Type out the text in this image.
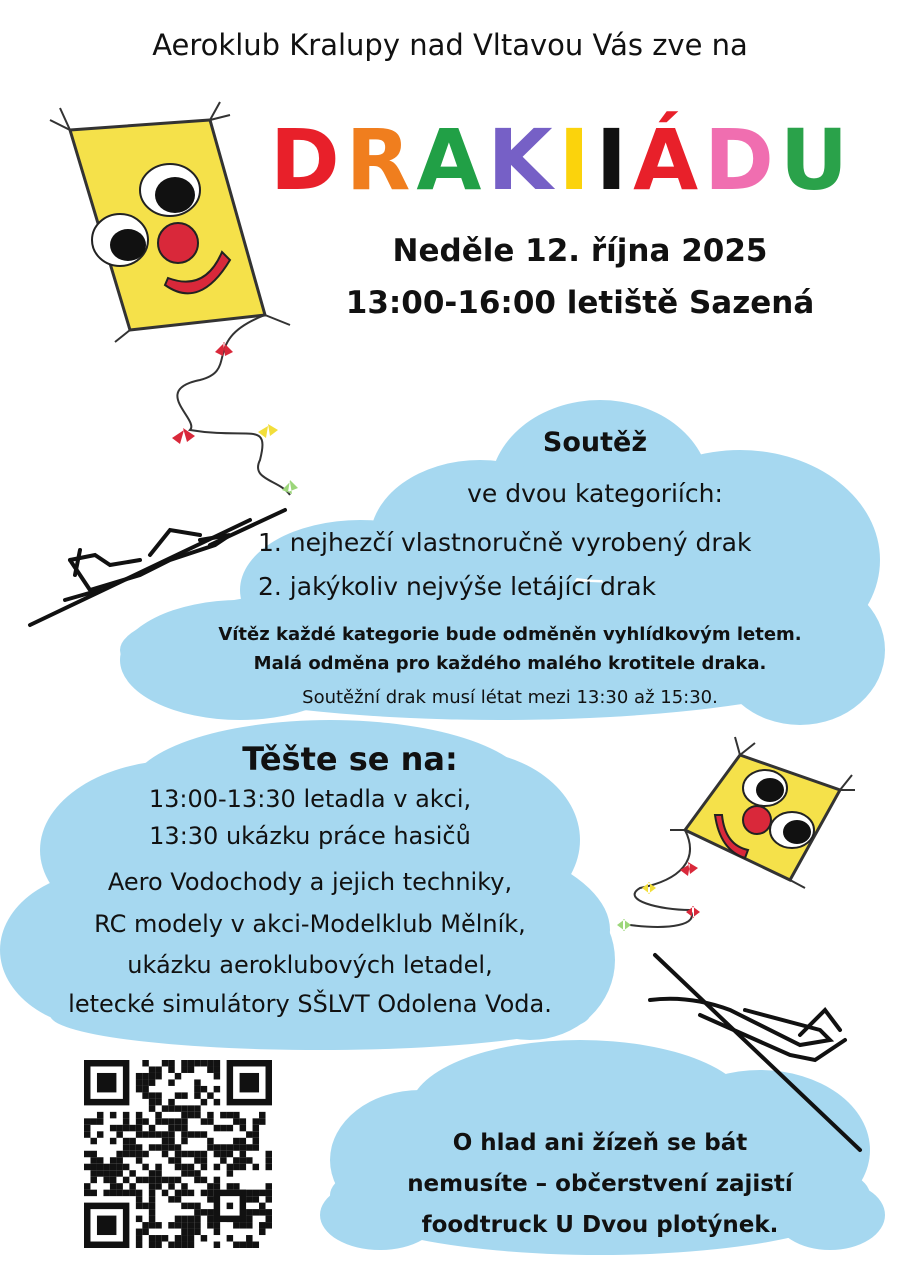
Aeroklub Kralupy nad Vltavou Vás zve na
DRAKIIÁDU
Neděle 12. října 2025
13:00-16:00 letiště Sazená
Soutěž
ve dvou kategoriích:
1. nejhezčí vlastnoručně vyrobený drak
2. jakýkoliv nejvýše letájící drak
Vítěz každé kategorie bude odměněn vyhlídkovým letem.
Malá odměna pro každého malého krotitele draka.
Soutěžní drak musí létat mezi 13:30 až 15:30.
Těšte se na:
13:00-13:30 letadla v akci,
13:30 ukázku práce hasičů
Aero Vodochody a jejich techniky,
RC modely v akci-Modelklub Mělník,
ukázku aeroklubových letadel,
letecké simulátory SŠLVT Odolena Voda.
O hlad ani žízeň se bát
nemusíte – občerstvení zajistí
foodtruck U Dvou plotýnek.
